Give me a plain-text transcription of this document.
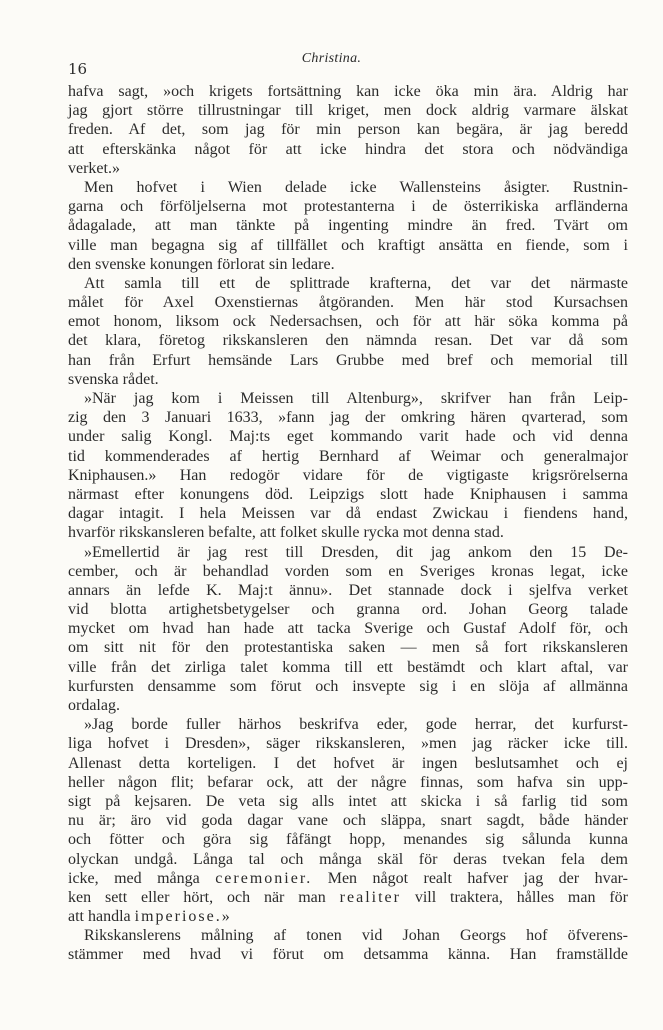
16
Christina.
hafva sagt, »och krigets fortsättning kan icke öka min ära. Aldrig har
jag gjort större tillrustningar till kriget, men dock aldrig varmare älskat
freden. Af det, som jag för min person kan begära, är jag beredd
att efterskänka något för att icke hindra det stora och nödvändiga
verket.»
Men hofvet i Wien delade icke Wallensteins åsigter. Rustnin-
garna och förföljelserna mot protestanterna i de österrikiska arfländerna
ådagalade, att man tänkte på ingenting mindre än fred. Tvärt om
ville man begagna sig af tillfället och kraftigt ansätta en fiende, som i
den svenske konungen förlorat sin ledare.
Att samla till ett de splittrade krafterna, det var det närmaste
målet för Axel Oxenstiernas åtgöranden. Men här stod Kursachsen
emot honom, liksom ock Nedersachsen, och för att här söka komma på
det klara, företog rikskansleren den nämnda resan. Det var då som
han från Erfurt hemsände Lars Grubbe med bref och memorial till
svenska rådet.
»När jag kom i Meissen till Altenburg», skrifver han från Leip-
zig den 3 Januari 1633, »fann jag der omkring hären qvarterad, som
under salig Kongl. Maj:ts eget kommando varit hade och vid denna
tid kommenderades af hertig Bernhard af Weimar och generalmajor
Kniphausen.» Han redogör vidare för de vigtigaste krigsrörelserna
närmast efter konungens död. Leipzigs slott hade Kniphausen i samma
dagar intagit. I hela Meissen var då endast Zwickau i fiendens hand,
hvarför rikskansleren befalte, att folket skulle rycka mot denna stad.
»Emellertid är jag rest till Dresden, dit jag ankom den 15 De-
cember, och är behandlad vorden som en Sveriges kronas legat, icke
annars än lefde K. Maj:t ännu». Det stannade dock i sjelfva verket
vid blotta artighetsbetygelser och granna ord. Johan Georg talade
mycket om hvad han hade att tacka Sverige och Gustaf Adolf för, och
om sitt nit för den protestantiska saken — men så fort rikskansleren
ville från det zirliga talet komma till ett bestämdt och klart aftal, var
kurfursten densamme som förut och insvepte sig i en slöja af allmänna
ordalag.
»Jag borde fuller härhos beskrifva eder, gode herrar, det kurfurst-
liga hofvet i Dresden», säger rikskansleren, »men jag räcker icke till.
Allenast detta korteligen. I det hofvet är ingen beslutsamhet och ej
heller någon flit; befarar ock, att der någre finnas, som hafva sin upp-
sigt på kejsaren. De veta sig alls intet att skicka i så farlig tid som
nu är; äro vid goda dagar vane och släppa, snart sagdt, både händer
och fötter och göra sig fåfängt hopp, menandes sig sålunda kunna
olyckan undgå. Långa tal och många skäl för deras tvekan fela dem
icke, med många ceremonier. Men något realt hafver jag der hvar-
ken sett eller hört, och när man realiter vill traktera, hålles man för
att handla imperiose.»
Rikskanslerens målning af tonen vid Johan Georgs hof öfverens-
stämmer med hvad vi förut om detsamma känna. Han framställde
